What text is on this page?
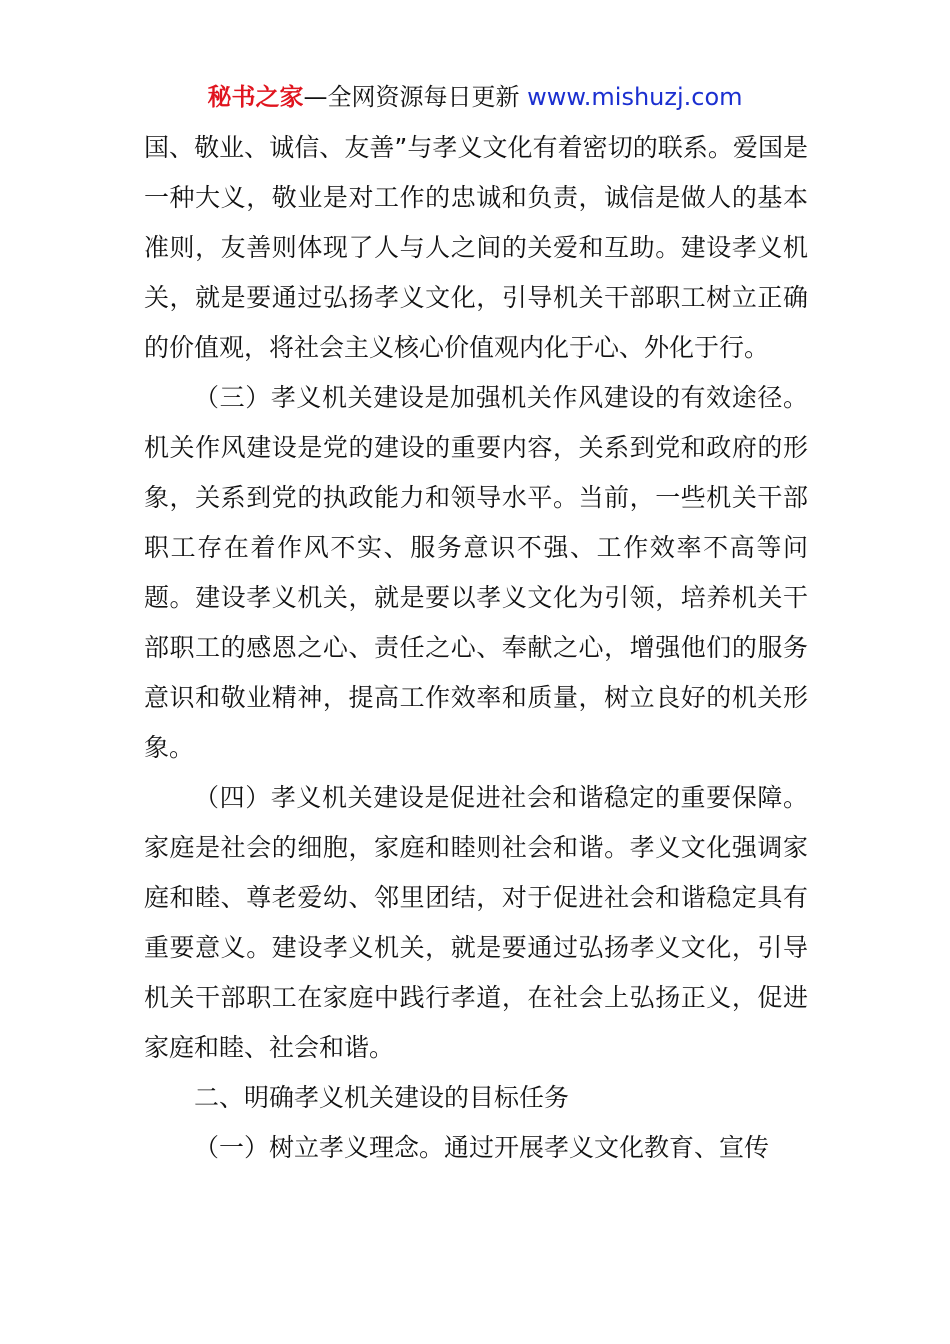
秘书之家—全网资源每日更新 www.mishuzj.com

国、敬业、诚信、友善”与孝义文化有着密切的联系。爱国是一种大义，敬业是对工作的忠诚和负责，诚信是做人的基本准则，友善则体现了人与人之间的关爱和互助。建设孝义机关，就是要通过弘扬孝义文化，引导机关干部职工树立正确的价值观，将社会主义核心价值观内化于心、外化于行。

（三）孝义机关建设是加强机关作风建设的有效途径。机关作风建设是党的建设的重要内容，关系到党和政府的形象，关系到党的执政能力和领导水平。当前，一些机关干部职工存在着作风不实、服务意识不强、工作效率不高等问题。建设孝义机关，就是要以孝义文化为引领，培养机关干部职工的感恩之心、责任之心、奉献之心，增强他们的服务意识和敬业精神，提高工作效率和质量，树立良好的机关形象。

（四）孝义机关建设是促进社会和谐稳定的重要保障。家庭是社会的细胞，家庭和睦则社会和谐。孝义文化强调家庭和睦、尊老爱幼、邻里团结，对于促进社会和谐稳定具有重要意义。建设孝义机关，就是要通过弘扬孝义文化，引导机关干部职工在家庭中践行孝道，在社会上弘扬正义，促进家庭和睦、社会和谐。

二、明确孝义机关建设的目标任务

（一）树立孝义理念。通过开展孝义文化教育、宣传
